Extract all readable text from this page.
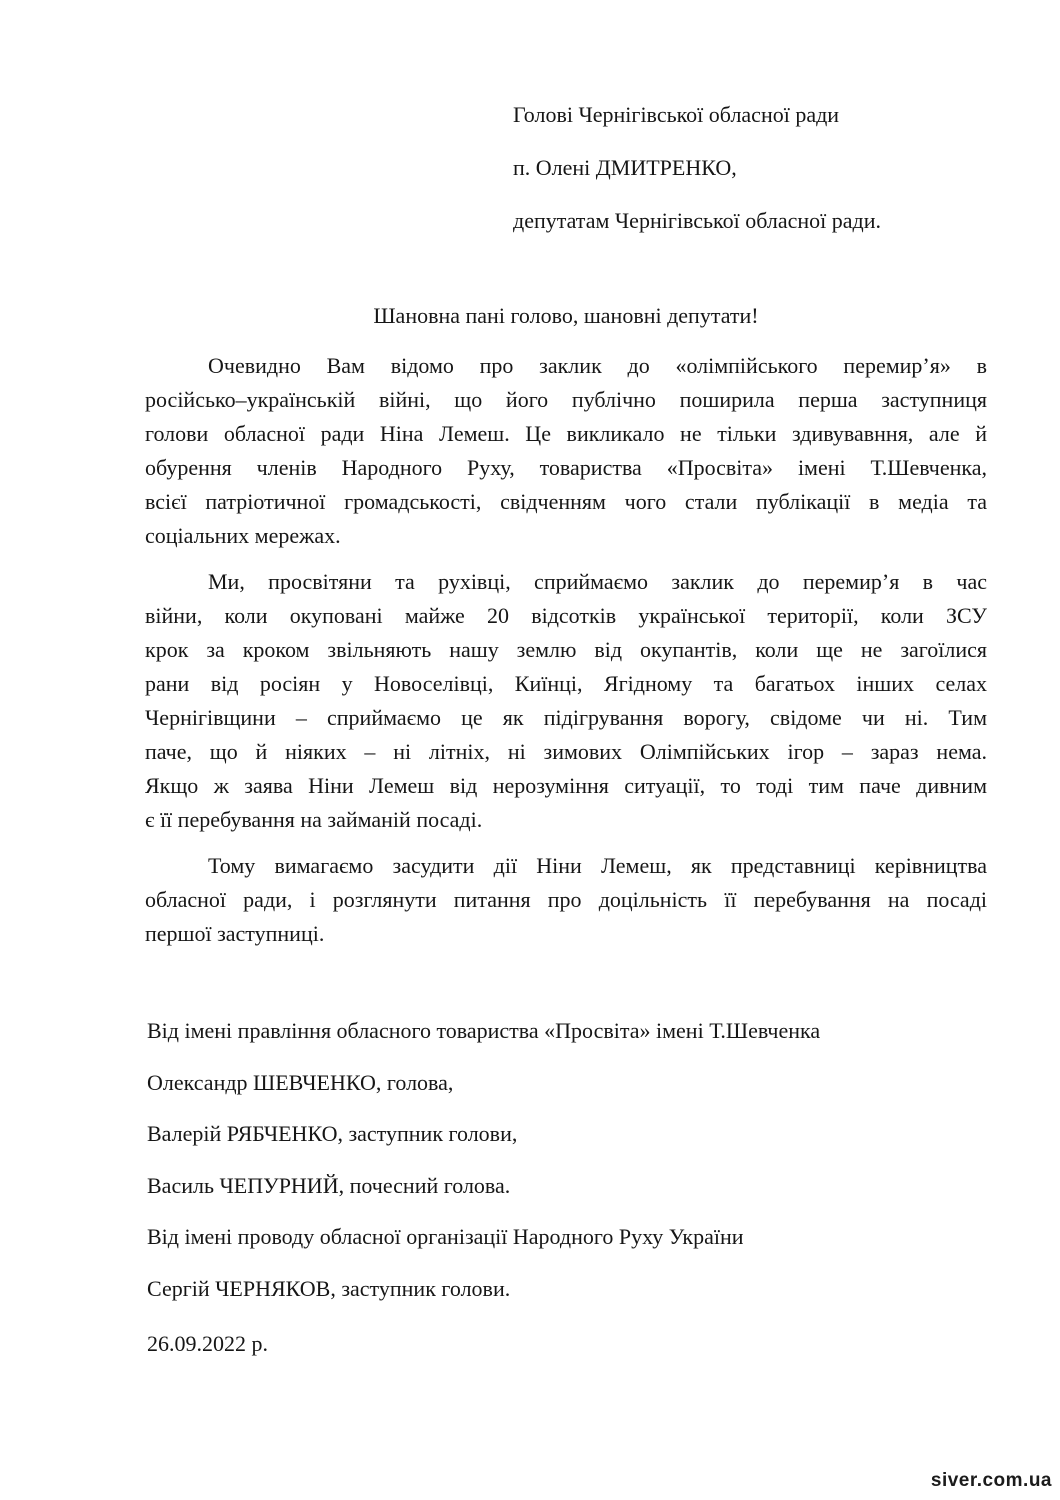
Голові Чернігівської обласної ради
п. Олені ДМИТРЕНКО,
депутатам Чернігівської обласної ради.
Шановна пані голово, шановні депутати!
Очевидно Вам відомо про заклик до «олімпійського перемир’я» в
російсько–українській війні, що його публічно поширила перша заступниця
голови обласної ради Ніна Лемеш. Це викликало не тільки здивувавння, але й
обурення членів Народного Руху, товариства «Просвіта» імені Т.Шевченка,
всієї патріотичної громадськості, свідченням чого стали публікації в медіа та
соціальних мережах.
Ми, просвітяни та рухівці, сприймаємо заклик до перемир’я в час
війни, коли окуповані майже 20 відсотків української території, коли ЗСУ
крок за кроком звільняють нашу землю від окупантів, коли ще не загоїлися
рани від росіян у Новоселівці, Киїнці, Ягідному та багатьох інших селах
Чернігівщини – сприймаємо це як підігрування ворогу, свідоме чи ні. Тим
паче, що й ніяких – ні літніх, ні зимових Олімпійських ігор – зараз нема.
Якщо ж заява Ніни Лемеш від нерозуміння ситуації, то тоді тим паче дивним
є її перебування на займаній посаді.
Тому вимагаємо засудити дії Ніни Лемеш, як представниці керівництва
обласної ради, і розглянути питання про доцільність її перебування на посаді
першої заступниці.
Від імені правління обласного товариства «Просвіта» імені Т.Шевченка
Олександр ШЕВЧЕНКО, голова,
Валерій РЯБЧЕНКО, заступник голови,
Василь ЧЕПУРНИЙ, почесний голова.
Від імені проводу обласної організації Народного Руху України
Сергій ЧЕРНЯКОВ, заступник голови.
26.09.2022 р.
siver.com.ua
